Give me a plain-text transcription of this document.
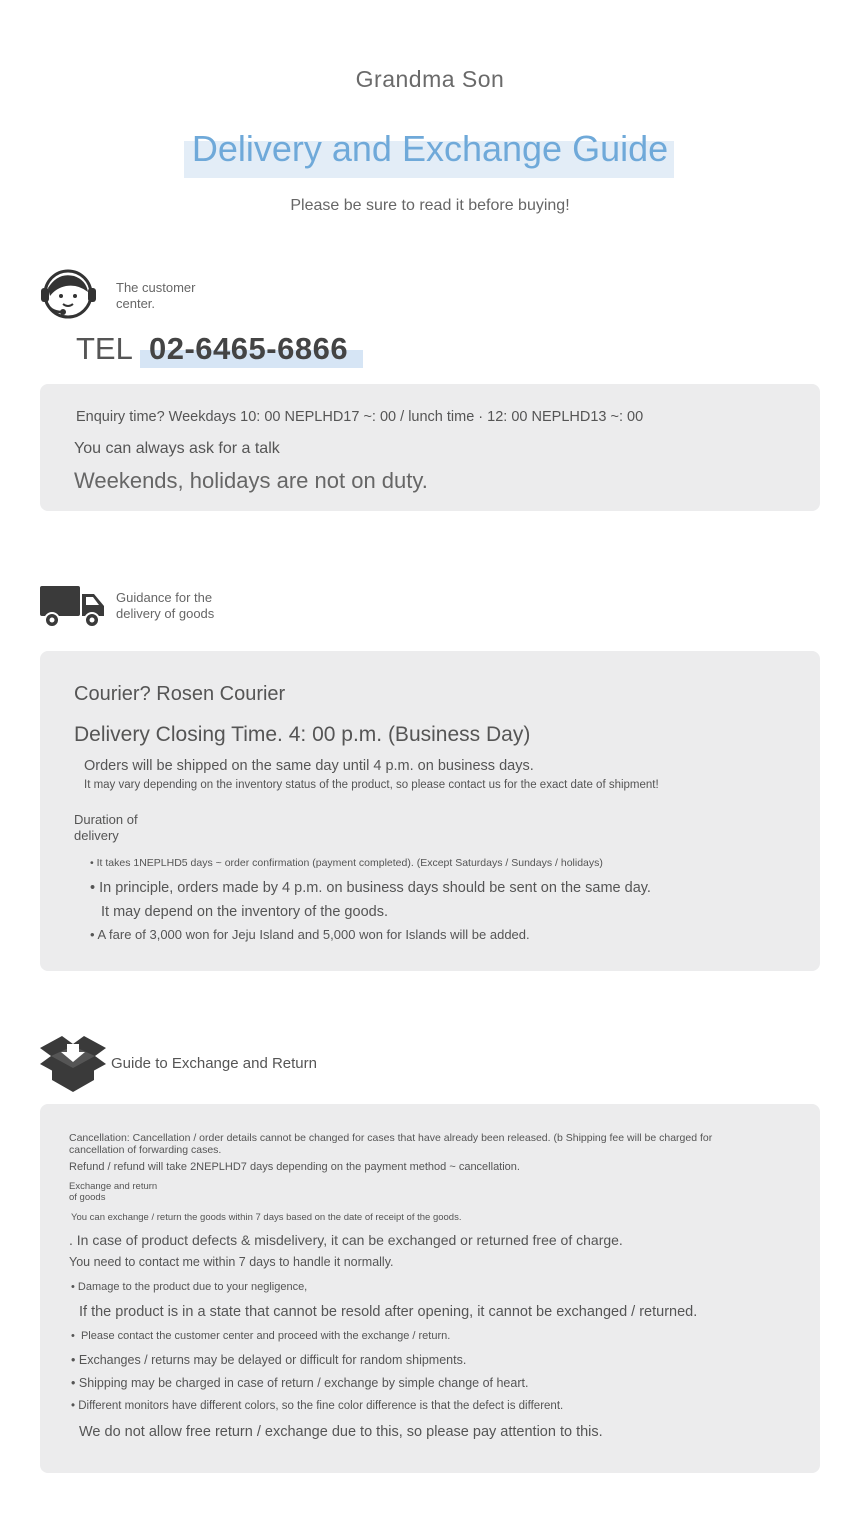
Grandma Son
Delivery and Exchange Guide
Please be sure to read it before buying!
The customer
center.
TEL 02-6465-6866
Enquiry time? Weekdays 10: 00 NEPLHD17 ~: 00 / lunch time · 12: 00 NEPLHD13 ~: 00
You can always ask for a talk
Weekends, holidays are not on duty.
Guidance for the
delivery of goods
Courier? Rosen Courier
Delivery Closing Time. 4: 00 p.m. (Business Day)
Orders will be shipped on the same day until 4 p.m. on business days.
It may vary depending on the inventory status of the product, so please contact us for the exact date of shipment!
Duration of
delivery
• It takes 1NEPLHD5 days ~ order confirmation (payment completed). (Except Saturdays / Sundays / holidays)
• In principle, orders made by 4 p.m. on business days should be sent on the same day.
It may depend on the inventory of the goods.
• A fare of 3,000 won for Jeju Island and 5,000 won for Islands will be added.
Guide to Exchange and Return
Cancellation: Cancellation / order details cannot be changed for cases that have already been released. (b Shipping fee will be charged for
cancellation of forwarding cases.
Refund / refund will take 2NEPLHD7 days depending on the payment method ~ cancellation.
Exchange and return
of goods
You can exchange / return the goods within 7 days based on the date of receipt of the goods.
. In case of product defects & misdelivery, it can be exchanged or returned free of charge.
You need to contact me within 7 days to handle it normally.
• Damage to the product due to your negligence,
If the product is in a state that cannot be resold after opening, it cannot be exchanged / returned.
•  Please contact the customer center and proceed with the exchange / return.
• Exchanges / returns may be delayed or difficult for random shipments.
• Shipping may be charged in case of return / exchange by simple change of heart.
• Different monitors have different colors, so the fine color difference is that the defect is different.
We do not allow free return / exchange due to this, so please pay attention to this.
